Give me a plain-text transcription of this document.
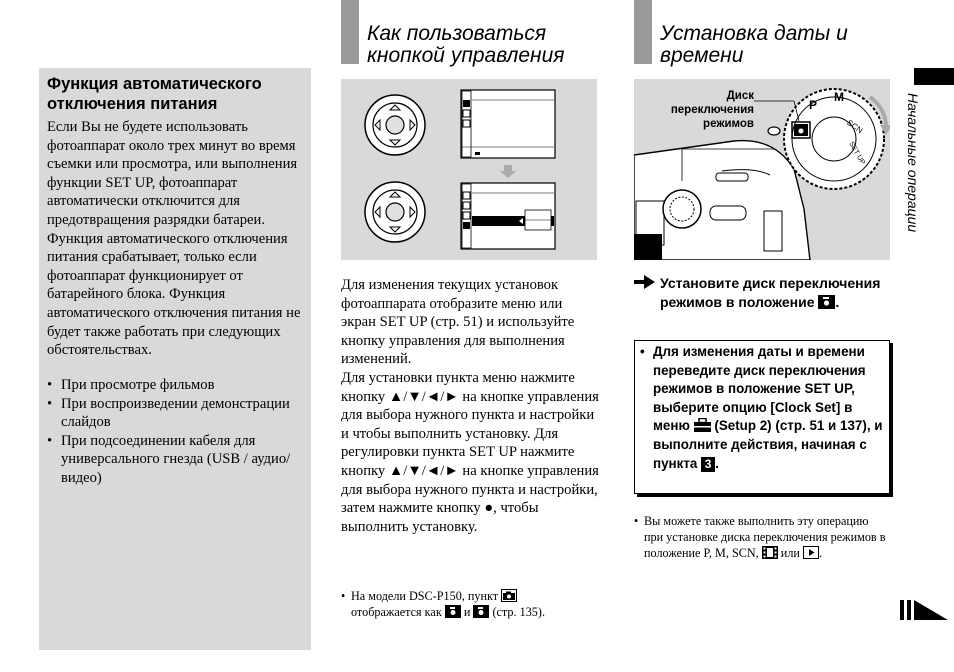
Функция автоматического отключения питания
Если Вы не будете использовать фотоаппарат около трех минут во время съемки или просмотра, или выполнения функции SET UP, фотоаппарат автоматически отключится для предотвращения разрядки батареи. Функция автоматического отключения питания срабатывает, только если фотоаппарат функционирует от батарейного блока. Функция автоматического отключения питания не будет также работать при следующих обстоятельствах.
• При просмотре фильмов
• При воспроизведении демонстрации слайдов
• При подсоединении кабеля для универсального гнезда (USB / аудио/видео)
Как пользоваться
кнопкой управления

Для изменения текущих установок фотоаппарата отобразите меню или экран SET UP (стр. 51) и используйте кнопку управления для выполнения изменений.

Для установки пункта меню нажмите кнопку ▲/▼/◄/► на кнопке управления для выбора нужного пункта и настройки и чтобы выполнить установку. Для регулировки пункта SET UP нажмите кнопку ▲/▼/◄/► на кнопке управления для выбора нужного пункта и настройки, затем нажмите кнопку ●, чтобы выполнить установку.

• На модели DSC-P150, пункт
отображается как и (стр. 135).
Установка даты и
времени
P
M
SCN
SET UP
Диск переключения режимов
Установите диск переключения режимов в положение .
• Для изменения даты и времени переведите диск переключения режимов в положение SET UP, выберите опцию [Clock Set] в меню (Setup 2) (стр. 51 и 137), и выполните действия, начиная с пункта 3 .
• Вы можете также выполнить эту операцию при установке диска переключения режимов в положение P, M, SCN, или .
Начальные операции
